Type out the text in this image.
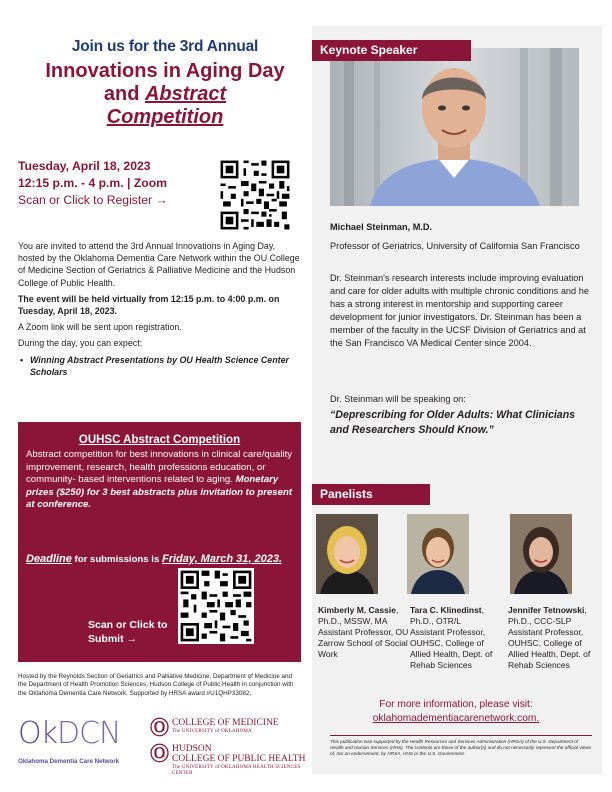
Join us for the 3rd Annual
Innovations in Aging Day
and Abstract
Competition
Tuesday, April 18, 2023
12:15 p.m. - 4 p.m. | Zoom
Scan or Click to Register →

You are invited to attend the 3rd Annual Innovations in Aging Day, hosted by the Oklahoma Dementia Care Network within the OU College of Medicine Section of Geriatrics & Palliative Medicine and the Hudson College of Public Health.

The event will be held virtually from 12:15 p.m. to 4:00 p.m. on Tuesday, April 18, 2023.

A Zoom link will be sent upon registration.

During the day, you can expect:

• Winning Abstract Presentations by OU Health Science Center Scholars
OUHSC Abstract Competition
Abstract competition for best innovations in clinical care/quality improvement, research, health professions education, or community- based interventions related to aging. Monetary prizes ($250) for 3 best abstracts plus invitation to present at conference.
Deadline for submissions is Friday, March 31, 2023.
Scan or Click to Submit →
Hosted by the Reynolds Section of Geriatrics and Palliative Medicine, Department of Medicine and the Department of Health Promotion Sciences, Hudson College of Public Health in conjunction with the Oklahoma Dementia Care Network. Supported by HRSA award #U1QHP33082.
OkDCN
Oklahoma Dementia Care Network
Ⓞ COLLEGE OF MEDICINE
The UNIVERSITY of OKLAHOMA
Ⓞ HUDSON
COLLEGE OF PUBLIC HEALTH
The UNIVERSITY of OKLAHOMA HEALTH SCIENCES CENTER
Keynote Speaker
Michael Steinman, M.D.
Professor of Geriatrics, University of California San Francisco
Dr. Steinman's research interests include improving evaluation and care for older adults with multiple chronic conditions and he has a strong interest in mentorship and supporting career development for junior investigators. Dr. Steinman has been a member of the faculty in the UCSF Division of Geriatrics and at the San Francisco VA Medical Center since 2004.
Dr. Steinman will be speaking on:
“Deprescribing for Older Adults: What Clinicians and Researchers Should Know.”
Panelists
Kimberly M. Cassie, Ph.D., MSSW, MA
Assistant Professor, OU Zarrow School of Social Work
Tara C. Klinedinst, Ph.D., OTR/L
Assistant Professor, OUHSC, College of Allied Health, Dept. of Rehab Sciences
Jennifer Tetnowski, Ph.D., CCC-SLP
Assistant Professor, OUHSC, College of Allied Health, Dept. of Rehab Sciences
For more information, please visit:
oklahomadementiacarenetwork.com.
This publication was supported by the Health Resources and Services Administration (HRSA) of the U.S. Department of Health and Human Services (HHS). The contents are those of the author(s) and do not necessarily represent the official views of, nor an endorsement, by HRSA, HHS or the U.S. Government.
